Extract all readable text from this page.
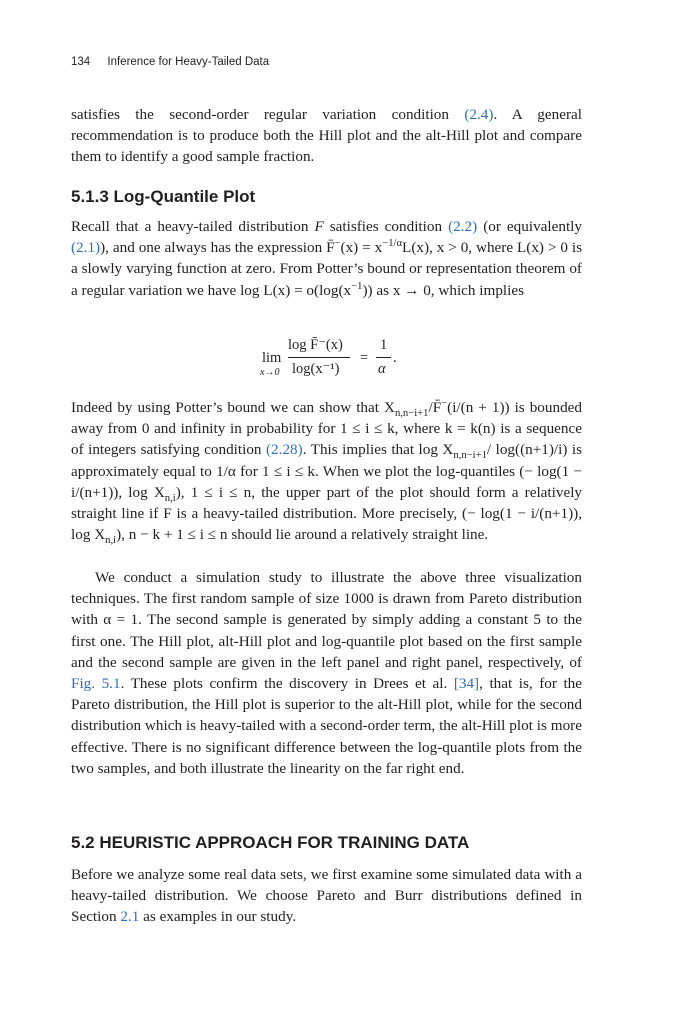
134 Inference for Heavy-Tailed Data
satisfies the second-order regular variation condition (2.4). A general recommendation is to produce both the Hill plot and the alt-Hill plot and compare them to identify a good sample fraction.
5.1.3 Log-Quantile Plot
Recall that a heavy-tailed distribution F satisfies condition (2.2) (or equivalently (2.1)), and one always has the expression F̄−(x) = $x^{-1/\alpha}L(x)$, x > 0, where L(x) > 0 is a slowly varying function at zero. From Potter’s bound or representation theorem of a regular variation we have $\log L(x) = o(\log(x^{-1}))$ as x → 0, which implies
lim
x→0
log F̄⁻(x)
log(x⁻¹)
=
1
α
.
Indeed by using Potter’s bound we can show that $X_{n,n-i+1}/F̄^-(i/(n + 1))$ is bounded away from 0 and infinity in probability for 1 ≤ i ≤ k, where k = k(n) is a sequence of integers satisfying condition (2.28). This implies that $\log X_{n,n-i+1}/$ log((n+1)/i) is approximately equal to 1/α for 1 ≤ i ≤ k. When we plot the log-quantiles (− log(1 − i/(n+1)), $\log X_{n,i}$), 1 ≤ i ≤ n, the upper part of the plot should form a relatively straight line if F is a heavy-tailed distribution. More precisely, (− log(1 − i/(n+1)), $\log X_{n,i}$), n − k + 1 ≤ i ≤ n should lie around a relatively straight line.
We conduct a simulation study to illustrate the above three visualization techniques. The first random sample of size 1000 is drawn from Pareto distribution with α = 1. The second sample is generated by simply adding a constant 5 to the first one. The Hill plot, alt-Hill plot and log-quantile plot based on the first sample and the second sample are given in the left panel and right panel, respectively, of Fig. 5.1. These plots confirm the discovery in Drees et al. [34], that is, for the Pareto distribution, the Hill plot is superior to the alt-Hill plot, while for the second distribution which is heavy-tailed with a second-order term, the alt-Hill plot is more effective. There is no significant difference between the log-quantile plots from the two samples, and both illustrate the linearity on the far right end.
5.2 HEURISTIC APPROACH FOR TRAINING DATA
Before we analyze some real data sets, we first examine some simulated data with a heavy-tailed distribution. We choose Pareto and Burr distributions defined in Section 2.1 as examples in our study.
